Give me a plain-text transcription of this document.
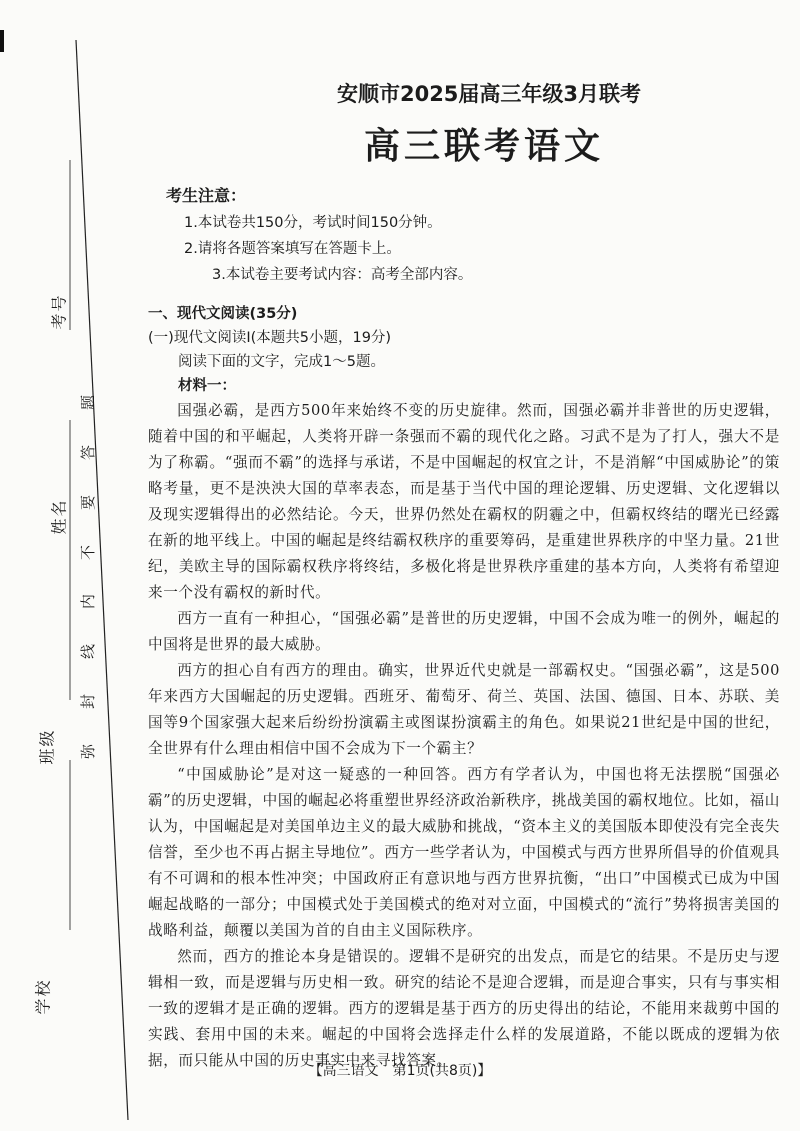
考号
姓名
班级
学校
题
答
要
不
内
线
封
弥
安顺市2025届高三年级3月联考
高三联考语文
考生注意：
1.本试卷共150分，考试时间150分钟。
2.请将各题答案填写在答题卡上。
3.本试卷主要考试内容：高考全部内容。
一、现代文阅读(35分)
(一)现代文阅读Ⅰ(本题共5小题，19分)
阅读下面的文字，完成1～5题。
材料一：

国强必霸，是西方500年来始终不变的历史旋律。然而，国强必霸并非普世的历史逻辑，随着中国的和平崛起，人类将开辟一条强而不霸的现代化之路。习武不是为了打人，强大不是为了称霸。“强而不霸”的选择与承诺，不是中国崛起的权宜之计，不是消解“中国威胁论”的策略考量，更不是泱泱大国的草率表态，而是基于当代中国的理论逻辑、历史逻辑、文化逻辑以及现实逻辑得出的必然结论。今天，世界仍然处在霸权的阴霾之中，但霸权终结的曙光已经露在新的地平线上。中国的崛起是终结霸权秩序的重要筹码，是重建世界秩序的中坚力量。21世纪，美欧主导的国际霸权秩序将终结，多极化将是世界秩序重建的基本方向，人类将有希望迎来一个没有霸权的新时代。

西方一直有一种担心，“国强必霸”是普世的历史逻辑，中国不会成为唯一的例外，崛起的中国将是世界的最大威胁。

西方的担心自有西方的理由。确实，世界近代史就是一部霸权史。“国强必霸”，这是500年来西方大国崛起的历史逻辑。西班牙、葡萄牙、荷兰、英国、法国、德国、日本、苏联、美国等9个国家强大起来后纷纷扮演霸主或图谋扮演霸主的角色。如果说21世纪是中国的世纪，全世界有什么理由相信中国不会成为下一个霸主？

“中国威胁论”是对这一疑惑的一种回答。西方有学者认为，中国也将无法摆脱“国强必霸”的历史逻辑，中国的崛起必将重塑世界经济政治新秩序，挑战美国的霸权地位。比如，福山认为，中国崛起是对美国单边主义的最大威胁和挑战，“资本主义的美国版本即使没有完全丧失信誉，至少也不再占据主导地位”。西方一些学者认为，中国模式与西方世界所倡导的价值观具有不可调和的根本性冲突；中国政府正有意识地与西方世界抗衡，“出口”中国模式已成为中国崛起战略的一部分；中国模式处于美国模式的绝对对立面，中国模式的“流行”势将损害美国的战略利益，颠覆以美国为首的自由主义国际秩序。

然而，西方的推论本身是错误的。逻辑不是研究的出发点，而是它的结果。不是历史与逻辑相一致，而是逻辑与历史相一致。研究的结论不是迎合逻辑，而是迎合事实，只有与事实相一致的逻辑才是正确的逻辑。西方的逻辑是基于西方的历史得出的结论，不能用来裁剪中国的实践、套用中国的未来。崛起的中国将会选择走什么样的发展道路，不能以既成的逻辑为依据，而只能从中国的历史事实中来寻找答案。

【高三语文　第1页(共8页)】
